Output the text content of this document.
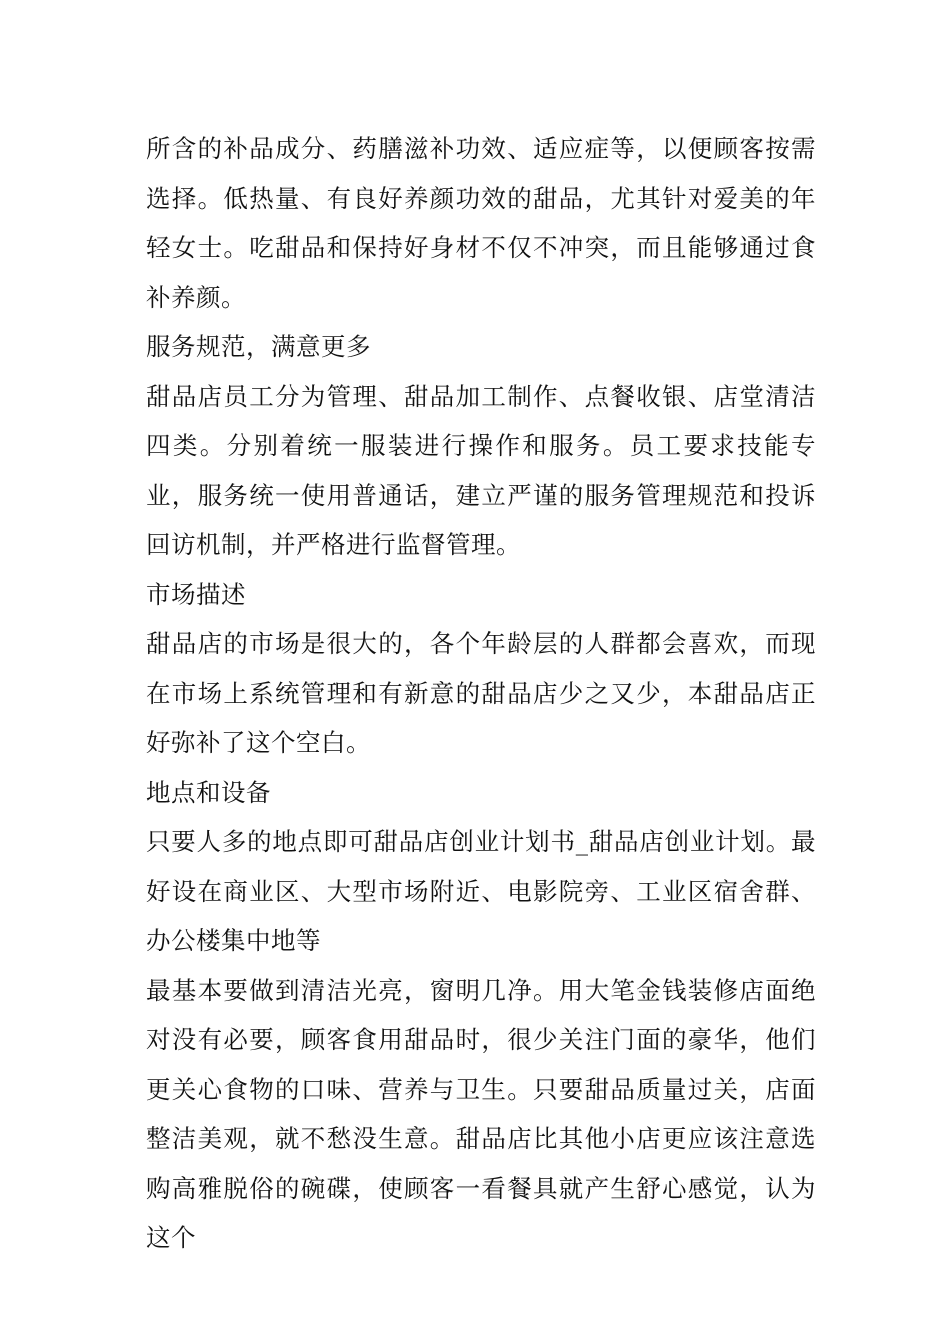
所含的补品成分、药膳滋补功效、适应症等，以便顾客按需选择。低热量、有良好养颜功效的甜品，尤其针对爱美的年轻女士。吃甜品和保持好身材不仅不冲突，而且能够通过食补养颜。

服务规范，满意更多

甜品店员工分为管理、甜品加工制作、点餐收银、店堂清洁四类。分别着统一服装进行操作和服务。员工要求技能专业，服务统一使用普通话，建立严谨的服务管理规范和投诉回访机制，并严格进行监督管理。

市场描述

甜品店的市场是很大的，各个年龄层的人群都会喜欢，而现在市场上系统管理和有新意的甜品店少之又少，本甜品店正好弥补了这个空白。

地点和设备

只要人多的地点即可甜品店创业计划书_甜品店创业计划。最好设在商业区、大型市场附近、电影院旁、工业区宿舍群、办公楼集中地等

最基本要做到清洁光亮，窗明几净。用大笔金钱装修店面绝对没有必要，顾客食用甜品时，很少关注门面的豪华，他们更关心食物的口味、营养与卫生。只要甜品质量过关，店面整洁美观，就不愁没生意。甜品店比其他小店更应该注意选购高雅脱俗的碗碟，使顾客一看餐具就产生舒心感觉，认为这个
